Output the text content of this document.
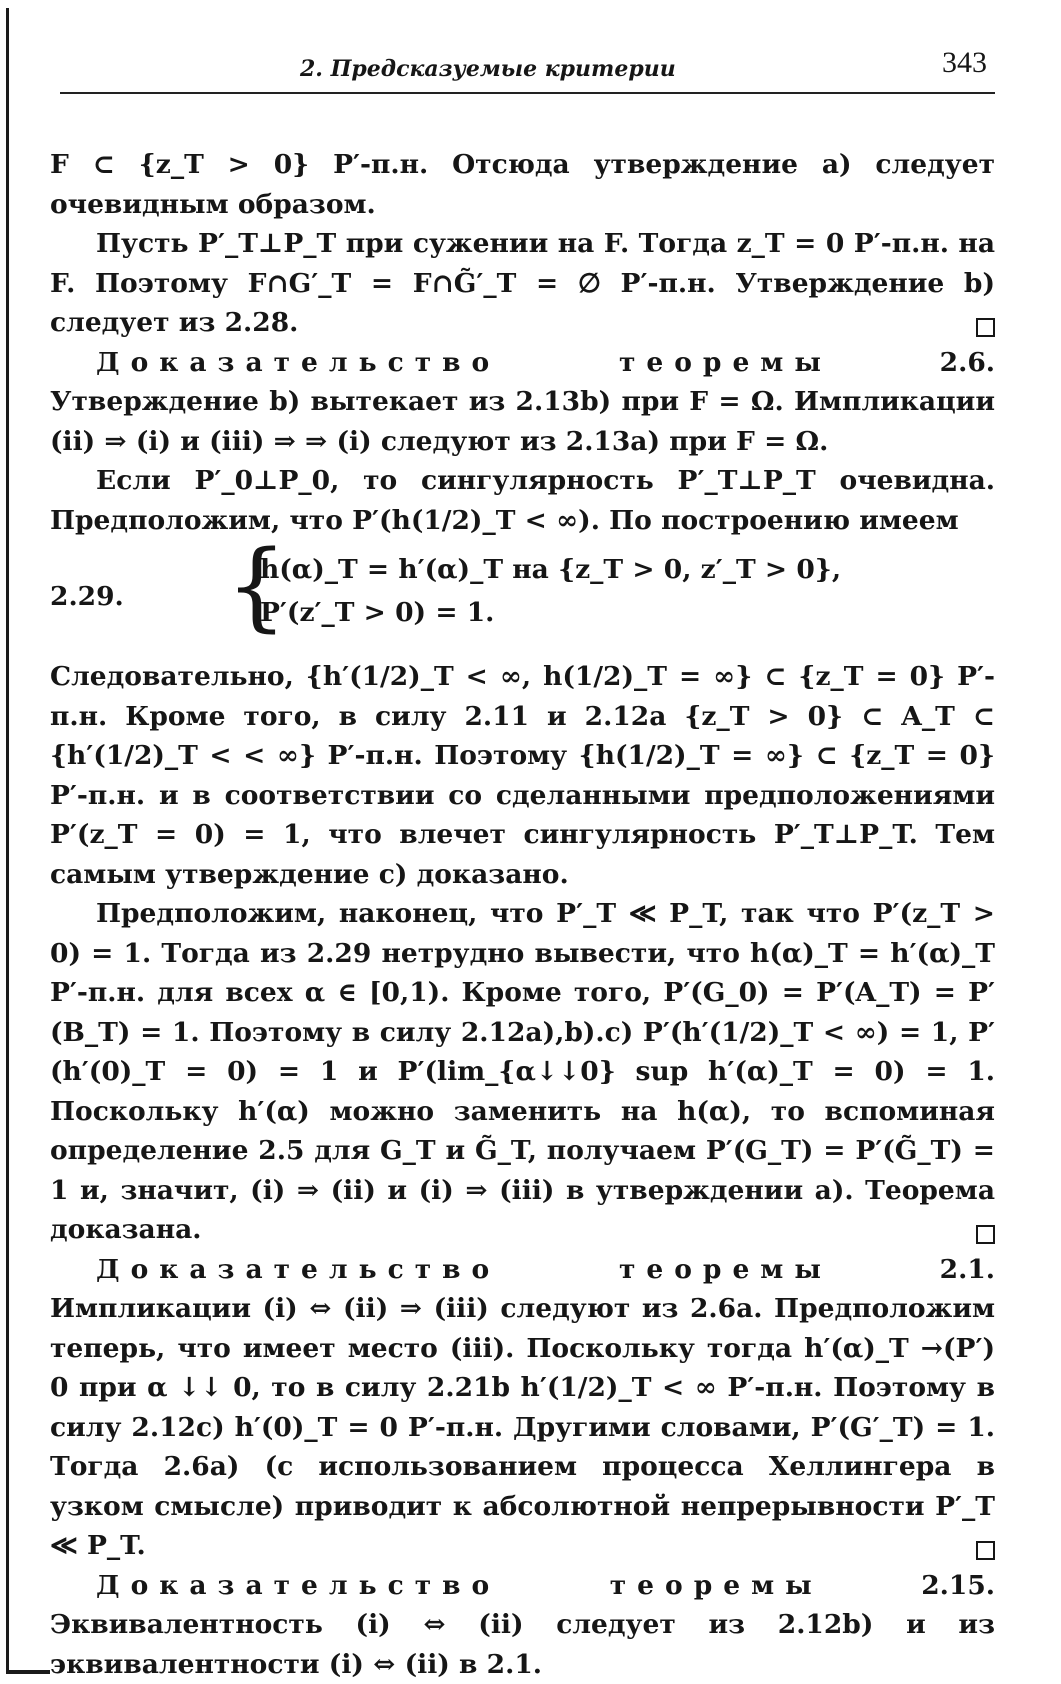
2. Предсказуемые критерии	343

F ⊂ {z_T > 0} P′-п.н. Отсюда утверждение a) следует очевидным образом.

Пусть P′_T⊥P_T при сужении на F. Тогда z_T = 0 P′-п.н. на F. Поэтому F∩G′_T = F∩G̃′_T = ∅ P′-п.н. Утверждение b) следует из 2.28.

Доказательство теоремы	2.6. Утверждение b) вытекает из 2.13b) при F = Ω. Импликации (ii) ⇒ (i) и (iii) ⇒ ⇒ (i) следуют из 2.13a) при F = Ω.

Если P′_0⊥P_0, то сингулярность P′_T⊥P_T очевидна. Предположим, что P′(h(1/2)_T < ∞). По построению имеем

2.29. {
h(α)_T = h′(α)_T на {z_T > 0, z′_T > 0},
P′(z′_T > 0) = 1.

Следовательно, {h′(1/2)_T < ∞, h(1/2)_T = ∞} ⊂ {z_T = 0} P′-п.н. Кроме того, в силу 2.11 и 2.12a {z_T > 0} ⊂ A_T ⊂ {h′(1/2)_T < < ∞} P′-п.н. Поэтому {h(1/2)_T = ∞} ⊂ {z_T = 0} P′-п.н. и в соответствии со сделанными предположениями P′(z_T = 0) = 1, что влечет сингулярность P′_T⊥P_T. Тем самым утверждение c) доказано.

Предположим, наконец, что P′_T ≪ P_T, так что P′(z_T > 0) = 1. Тогда из 2.29 нетрудно вывести, что h(α)_T = h′(α)_T P′-п.н. для всех α ∈ [0,1). Кроме того, P′(G_0) = P′(A_T) = P′(B_T) = 1. Поэтому в силу 2.12a),b).c) P′(h′(1/2)_T < ∞) = 1, P′(h′(0)_T = 0) = 1 и P′(lim_{α↓↓0} sup h′(α)_T = 0) = 1. Поскольку h′(α) можно заменить на h(α), то вспоминая определение 2.5 для G_T и G̃_T, получаем P′(G_T) = P′(G̃_T) = 1 и, значит, (i) ⇒ (ii) и (i) ⇒ (iii) в утверждении a). Теорема доказана.

Доказательство теоремы	2.1. Импликации (i) ⇔ (ii) ⇒ (iii) следуют из 2.6a. Предположим теперь, что имеет место (iii). Поскольку тогда h′(α)_T →(P′) 0 при α ↓↓ 0, то в силу 2.21b h′(1/2)_T < ∞ P′-п.н. Поэтому в силу 2.12c) h′(0)_T = 0 P′-п.н. Другими словами, P′(G′_T) = 1. Тогда 2.6a) (с использованием процесса Хеллингера в узком смысле) приводит к абсолютной непрерывности P′_T ≪ P_T.

Доказательство теоремы	2.15. Эквивалентность (i) ⇔ (ii) следует из 2.12b) и из эквивалентности (i) ⇔ (ii) в 2.1.
